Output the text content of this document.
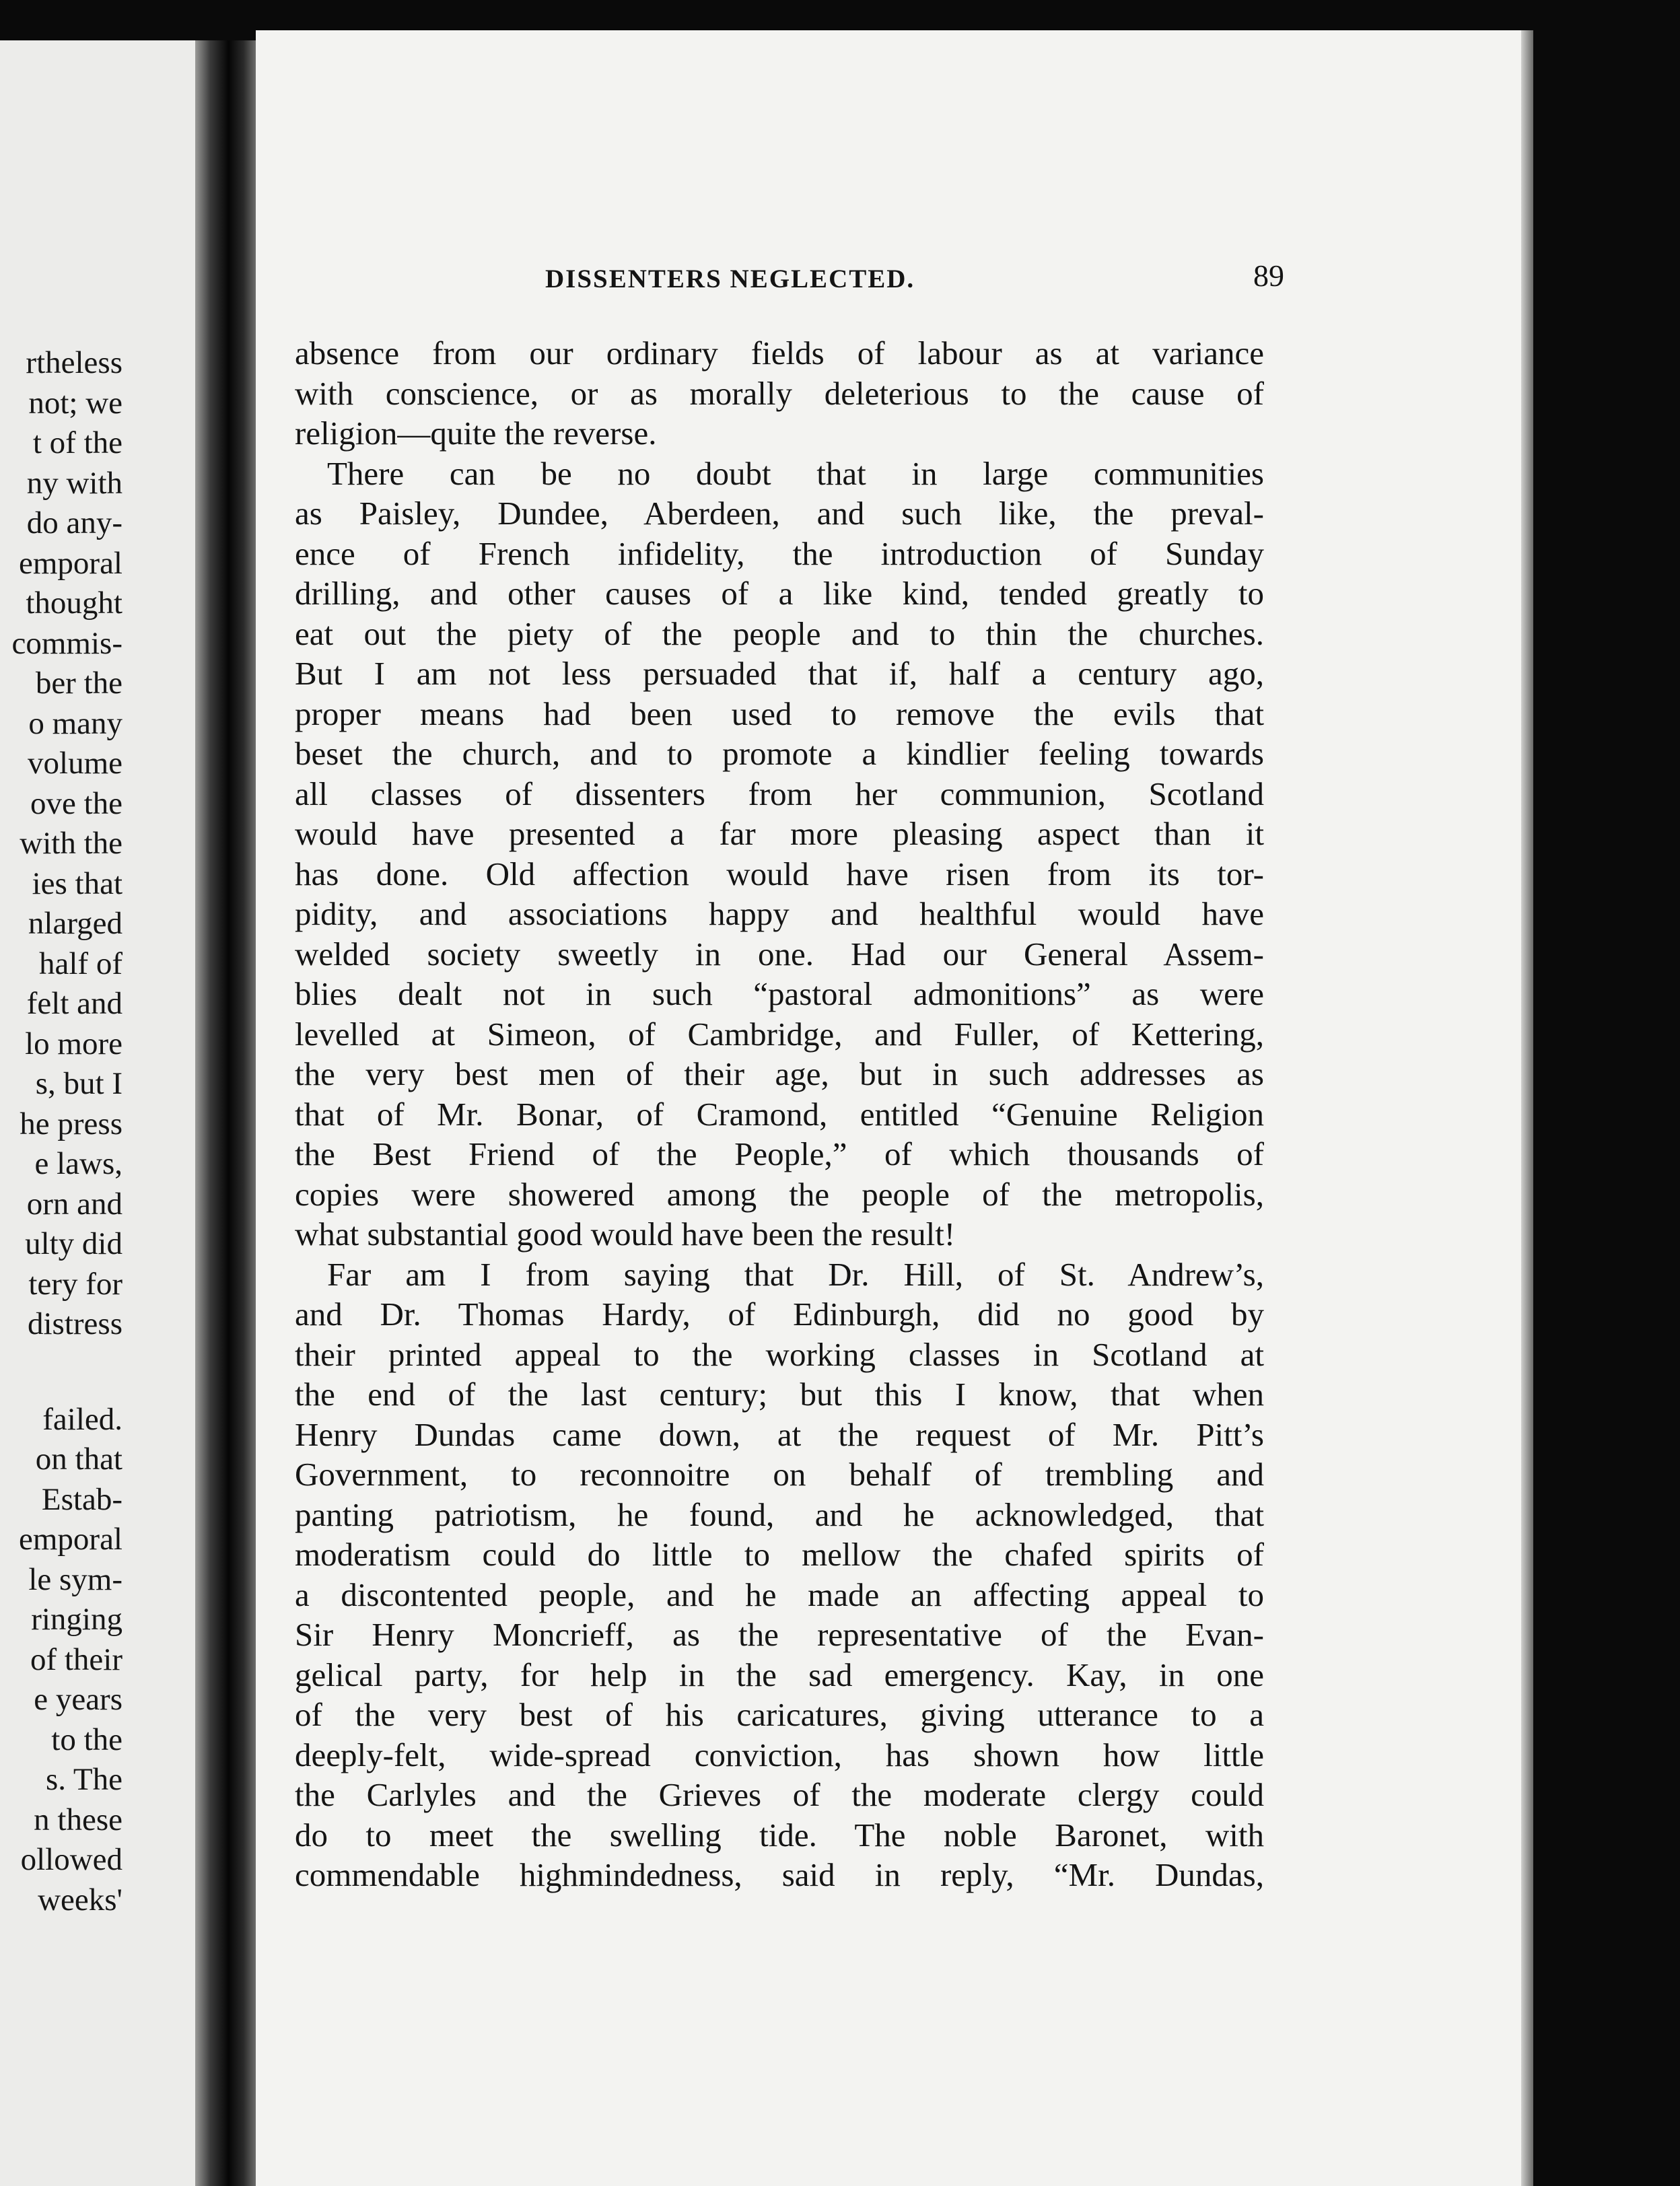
rtheless
not; we
t of the
ny with
do any-
emporal
thought
commis-
ber the
o many
volume
ove the
with the
ies that
nlarged
half of
felt and
lo more
s, but I
he press
e laws,
orn and
ulty did
tery for
distress
failed.
on that
Estab-
emporal
le sym-
ringing
of their
e years
to the
s. The
n these
ollowed
weeks'
DISSENTERS NEGLECTED.	89
absence from our ordinary fields of labour as at variance
with conscience, or as morally deleterious to the cause of
religion—quite the reverse.
There can be no doubt that in large communities
as Paisley, Dundee, Aberdeen, and such like, the preval-
ence of French infidelity, the introduction of Sunday
drilling, and other causes of a like kind, tended greatly to
eat out the piety of the people and to thin the churches.
But I am not less persuaded that if, half a century ago,
proper means had been used to remove the evils that
beset the church, and to promote a kindlier feeling towards
all classes of dissenters from her communion, Scotland
would have presented a far more pleasing aspect than it
has done. Old affection would have risen from its tor-
pidity, and associations happy and healthful would have
welded society sweetly in one. Had our General Assem-
blies dealt not in such “pastoral admonitions” as were
levelled at Simeon, of Cambridge, and Fuller, of Kettering,
the very best men of their age, but in such addresses as
that of Mr. Bonar, of Cramond, entitled “Genuine Religion
the Best Friend of the People,” of which thousands of
copies were showered among the people of the metropolis,
what substantial good would have been the result!
Far am I from saying that Dr. Hill, of St. Andrew’s,
and Dr. Thomas Hardy, of Edinburgh, did no good by
their printed appeal to the working classes in Scotland at
the end of the last century; but this I know, that when
Henry Dundas came down, at the request of Mr. Pitt’s
Government, to reconnoitre on behalf of trembling and
panting patriotism, he found, and he acknowledged, that
moderatism could do little to mellow the chafed spirits of
a discontented people, and he made an affecting appeal to
Sir Henry Moncrieff, as the representative of the Evan-
gelical party, for help in the sad emergency. Kay, in one
of the very best of his caricatures, giving utterance to a
deeply-felt, wide-spread conviction, has shown how little
the Carlyles and the Grieves of the moderate clergy could
do to meet the swelling tide. The noble Baronet, with
commendable highmindedness, said in reply, “Mr. Dundas,
